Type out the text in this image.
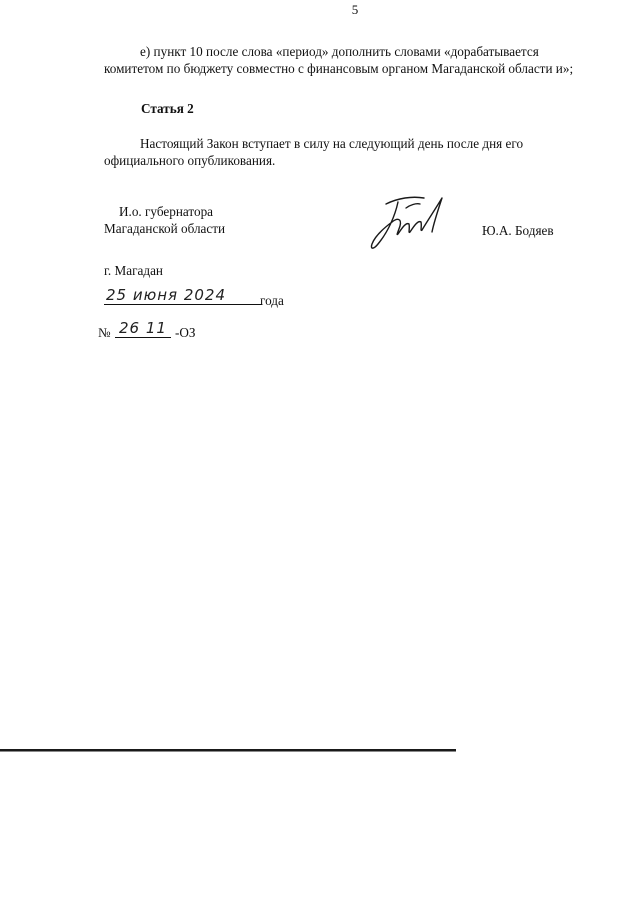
5
е) пункт 10 после слова «период» дополнить словами «дорабатывается
комитетом по бюджету совместно с финансовым органом Магаданской области и»;
Статья 2
Настоящий Закон вступает в силу на следующий день после дня его
официального опубликования.
И.о. губернатора
Магаданской области	Ю.А. Бодяев
г. Магадан
25 июня 2024	года
№ 26 11 -ОЗ
